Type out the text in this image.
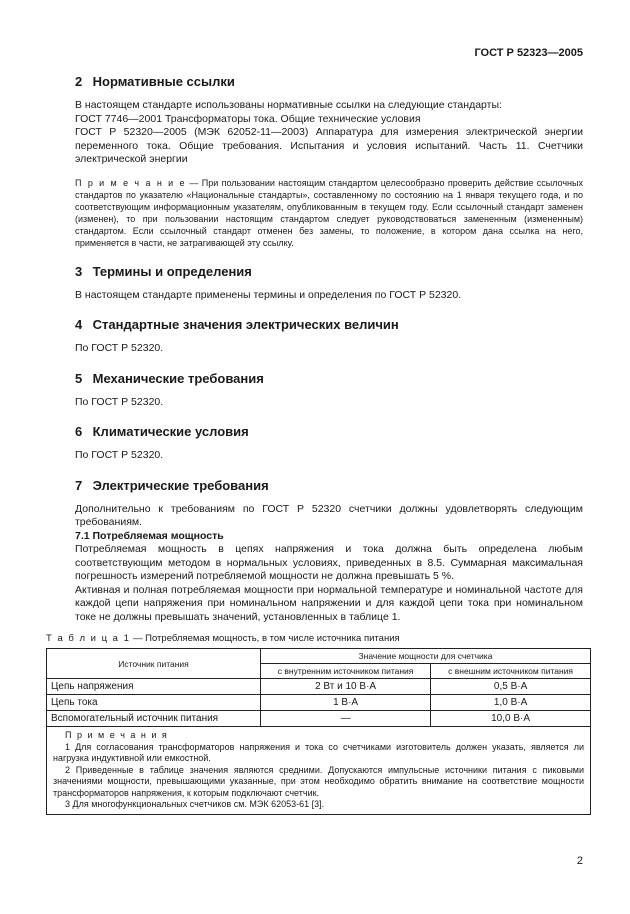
ГОСТ Р 52323—2005
2 Нормативные ссылки

В настоящем стандарте использованы нормативные ссылки на следующие стандарты:

ГОСТ 7746—2001 Трансформаторы тока. Общие технические условия

ГОСТ Р 52320—2005 (МЭК 62052-11—2003) Аппаратура для измерения электрической энергии переменного тока. Общие требования. Испытания и условия испытаний. Часть 11. Счетчики электрической энергии

П р и м е ч а н и е — При пользовании настоящим стандартом целесообразно проверить действие ссылочных стандартов по указателю «Национальные стандарты», составленному по состоянию на 1 января текущего года, и по соответствующим информационным указателям, опубликованным в текущем году. Если ссылочный стандарт заменен (изменен), то при пользовании настоящим стандартом следует руководствоваться замененным (измененным) стандартом. Если ссылочный стандарт отменен без замены, то положение, в котором дана ссылка на него, применяется в части, не затрагивающей эту ссылку.

3 Термины и определения

В настоящем стандарте применены термины и определения по ГОСТ Р 52320.

4 Стандартные значения электрических величин

По ГОСТ Р 52320.

5 Механические требования

По ГОСТ Р 52320.

6 Климатические условия

По ГОСТ Р 52320.

7 Электрические требования

Дополнительно к требованиям по ГОСТ Р 52320 счетчики должны удовлетворять следующим требованиям.

7.1 Потребляемая мощность

Потребляемая мощность в цепях напряжения и тока должна быть определена любым соответствующим методом в нормальных условиях, приведенных в 8.5. Суммарная максимальная погрешность измерений потребляемой мощности не должна превышать 5 %.

Активная и полная потребляемая мощности при нормальной температуре и номинальной частоте для каждой цепи напряжения при номинальном напряжении и для каждой цепи тока при номинальном токе не должны превышать значений, установленных в таблице 1.

Т а б л и ц а 1 — Потребляемая мощность, в том числе источника питания
Источник питания	Значение мощности для счетчика	
	с внутренним источником питания	с внешним источником питания
Цепь напряжения	2 Вт и 10 В·А	0,5 В·А
Цепь тока	1 В·А	1,0 В·А
Вспомогательный источник питания	—	10,0 В·А

П р и м е ч а н и я
1 Для согласования трансформаторов напряжения и тока со счетчиками изготовитель должен указать, является ли нагрузка индуктивной или емкостной.
2 Приведенные в таблице значения являются средними. Допускаются импульсные источники питания с пиковыми значениями мощности, превышающими указанные, при этом необходимо обратить внимание на соответствие мощности трансформаторов напряжения, к которым подключают счетчик.
3 Для многофункциональных счетчиков см. МЭК 62053-61 [3].		
2
